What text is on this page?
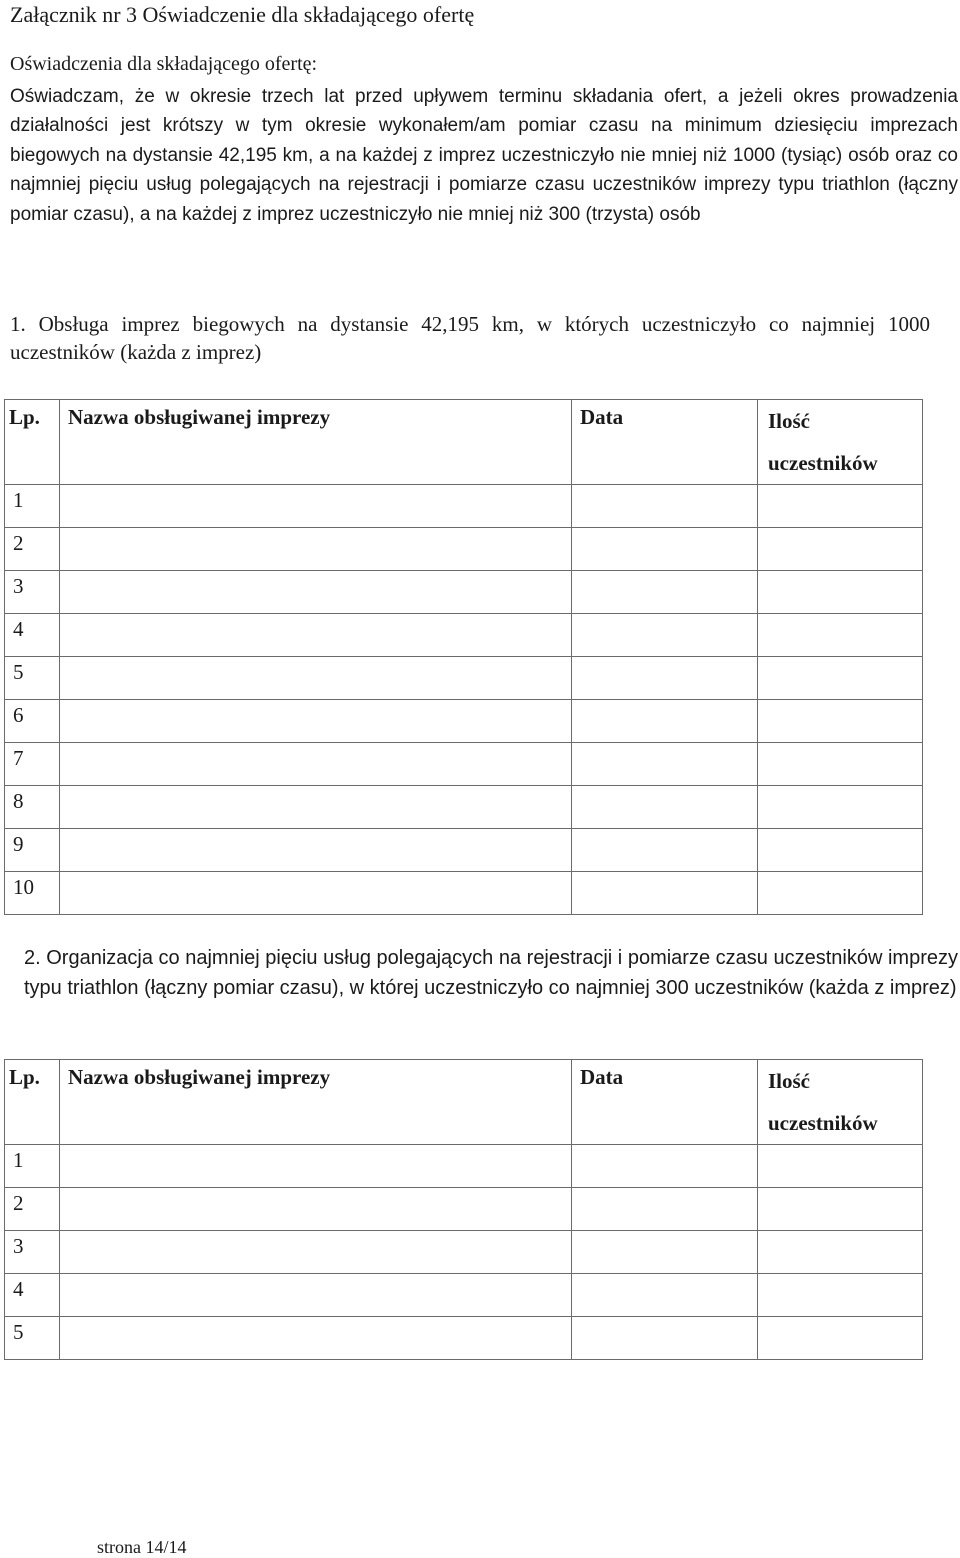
Załącznik nr 3 Oświadczenie dla składającego ofertę
Oświadczenia dla składającego ofertę:
Oświadczam, że w okresie trzech lat przed upływem terminu składania ofert, a jeżeli okres prowadzenia działalności jest krótszy w tym okresie wykonałem/am pomiar czasu na minimum dziesięciu imprezach biegowych na dystansie 42,195 km, a na każdej z imprez uczestniczyło nie mniej niż 1000 (tysiąc) osób oraz co najmniej pięciu usług polegających na rejestracji i pomiarze czasu uczestników imprezy typu triathlon (łączny pomiar czasu), a na każdej z imprez uczestniczyło nie mniej niż 300 (trzysta) osób
1. Obsługa imprez biegowych na dystansie 42,195 km, w których uczestniczyło co najmniej 1000 uczestników (każda z imprez)
Lp.	Nazwa obsługiwanej imprezy	Data	Ilość
uczestników

1			

2			

3			

4			

5			

6			

7			

8			

9			

10			

2. Organizacja co najmniej pięciu usług polegających na rejestracji i pomiarze czasu uczestników imprezy typu triathlon (łączny pomiar czasu), w której uczestniczyło co najmniej 300 uczestników (każda z imprez)
Lp.	Nazwa obsługiwanej imprezy	Data	Ilość
uczestników

1			

2			

3			

4			

5			

strona 14/14
